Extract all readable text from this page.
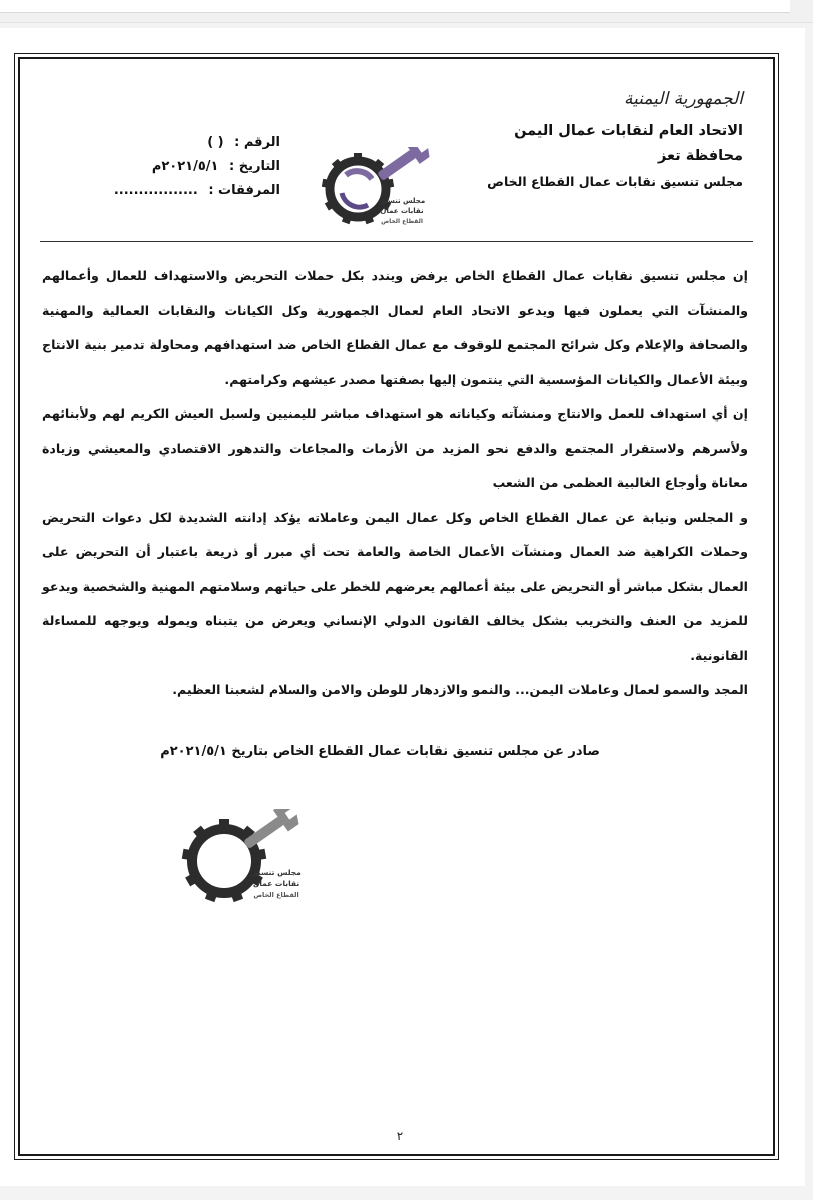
الجمهورية اليمنية
الاتحاد العام لنقابات عمال اليمن
محافظة تعز
مجلس تنسيق نقابات عمال القطاع الخاص
مجلس تنسيق
نقابات عمال
القطاع الخاص
الرقم : ( )
التاريخ : ٢٠٢١/٥/١م
المرفقات : .................

إن مجلس تنسيق نقابات عمال القطاع الخاص يرفض ويندد بكل حملات التحريض والاستهداف للعمال وأعمالهم والمنشآت التي يعملون فيها ويدعو الاتحاد العام لعمال الجمهورية وكل الكيانات والنقابات العمالية والمهنية والصحافة والإعلام وكل شرائح المجتمع للوقوف مع عمال القطاع الخاص ضد استهدافهم ومحاولة تدمير بنية الانتاج وبيئة الأعمال والكيانات المؤسسية التي ينتمون إليها بصفتها مصدر عيشهم وكرامتهم.

إن أي استهداف للعمل والانتاج ومنشآته وكياناته هو استهداف مباشر لليمنيين ولسبل العيش الكريم لهم ولأبنائهم ولأسرهم ولاستقرار المجتمع والدفع نحو المزيد من الأزمات والمجاعات والتدهور الاقتصادي والمعيشي وزيادة معاناة وأوجاع الغالبية العظمى من الشعب

و المجلس ونيابة عن عمال القطاع الخاص وكل عمال اليمن وعاملاته يؤكد إدانته الشديدة لكل دعوات التحريض وحملات الكراهية ضد العمال ومنشآت الأعمال الخاصة والعامة تحت أي مبرر أو ذريعة باعتبار أن التحريض على العمال بشكل مباشر أو التحريض على بيئة أعمالهم يعرضهم للخطر على حياتهم وسلامتهم المهنية والشخصية ويدعو للمزيد من العنف والتخريب بشكل يخالف القانون الدولي الإنساني ويعرض من يتبناه ويموله ويوجهه للمساءلة القانونية.

المجد والسمو لعمال وعاملات اليمن... والنمو والازدهار للوطن والامن والسلام لشعبنا العظيم.

صادر عن مجلس تنسيق نقابات عمال القطاع الخاص بتاريخ ٢٠٢١/٥/١م
مجلس تنسيق
نقابات عمال
القطاع الخاص
٢
